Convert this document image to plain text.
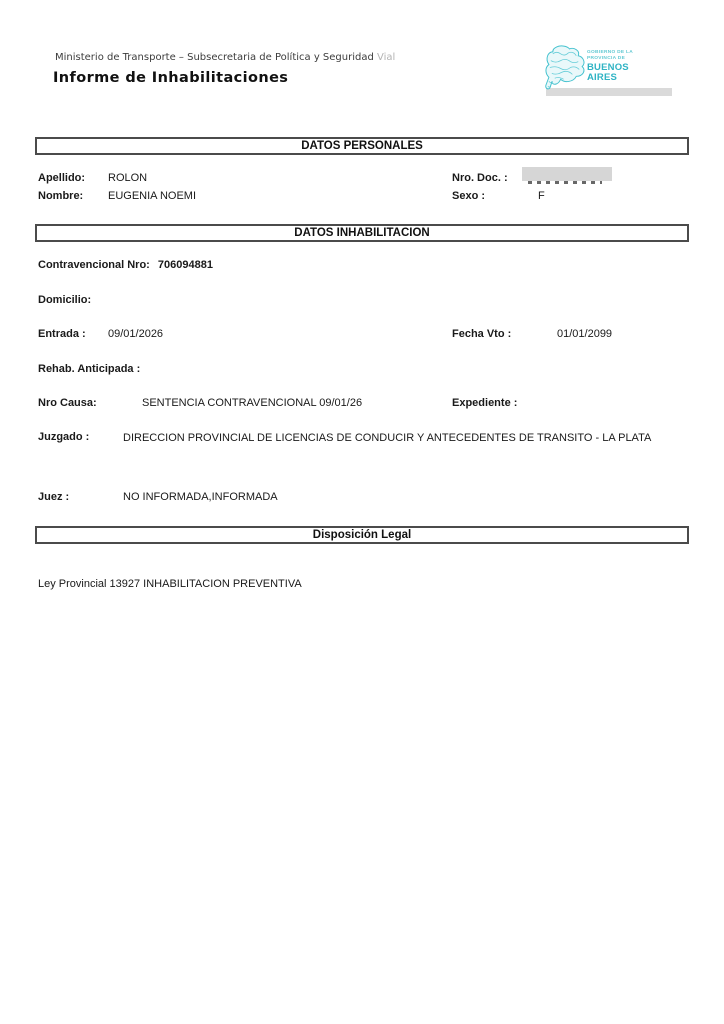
Ministerio de Transporte – Subsecretaria de Política y Seguridad Vial
Informe de Inhabilitaciones
GOBIERNO DE LA
PROVINCIA DE
BUENOS
AIRES
DATOS PERSONALES
Apellido: ROLON	Nro. Doc. :
Nombre: EUGENIA NOEMI	Sexo :	F
DATOS INHABILITACION
Contravencional Nro: 706094881
Domicilio:
Entrada : 09/01/2026	Fecha Vto :	01/01/2099
Rehab. Anticipada :
Nro Causa:	SENTENCIA CONTRAVENCIONAL 09/01/26	Expediente :
Juzgado :	DIRECCION PROVINCIAL DE LICENCIAS DE CONDUCIR Y ANTECEDENTES DE TRANSITO - LA PLATA
Juez :	NO INFORMADA,INFORMADA
Disposición Legal
Ley Provincial 13927 INHABILITACION PREVENTIVA
